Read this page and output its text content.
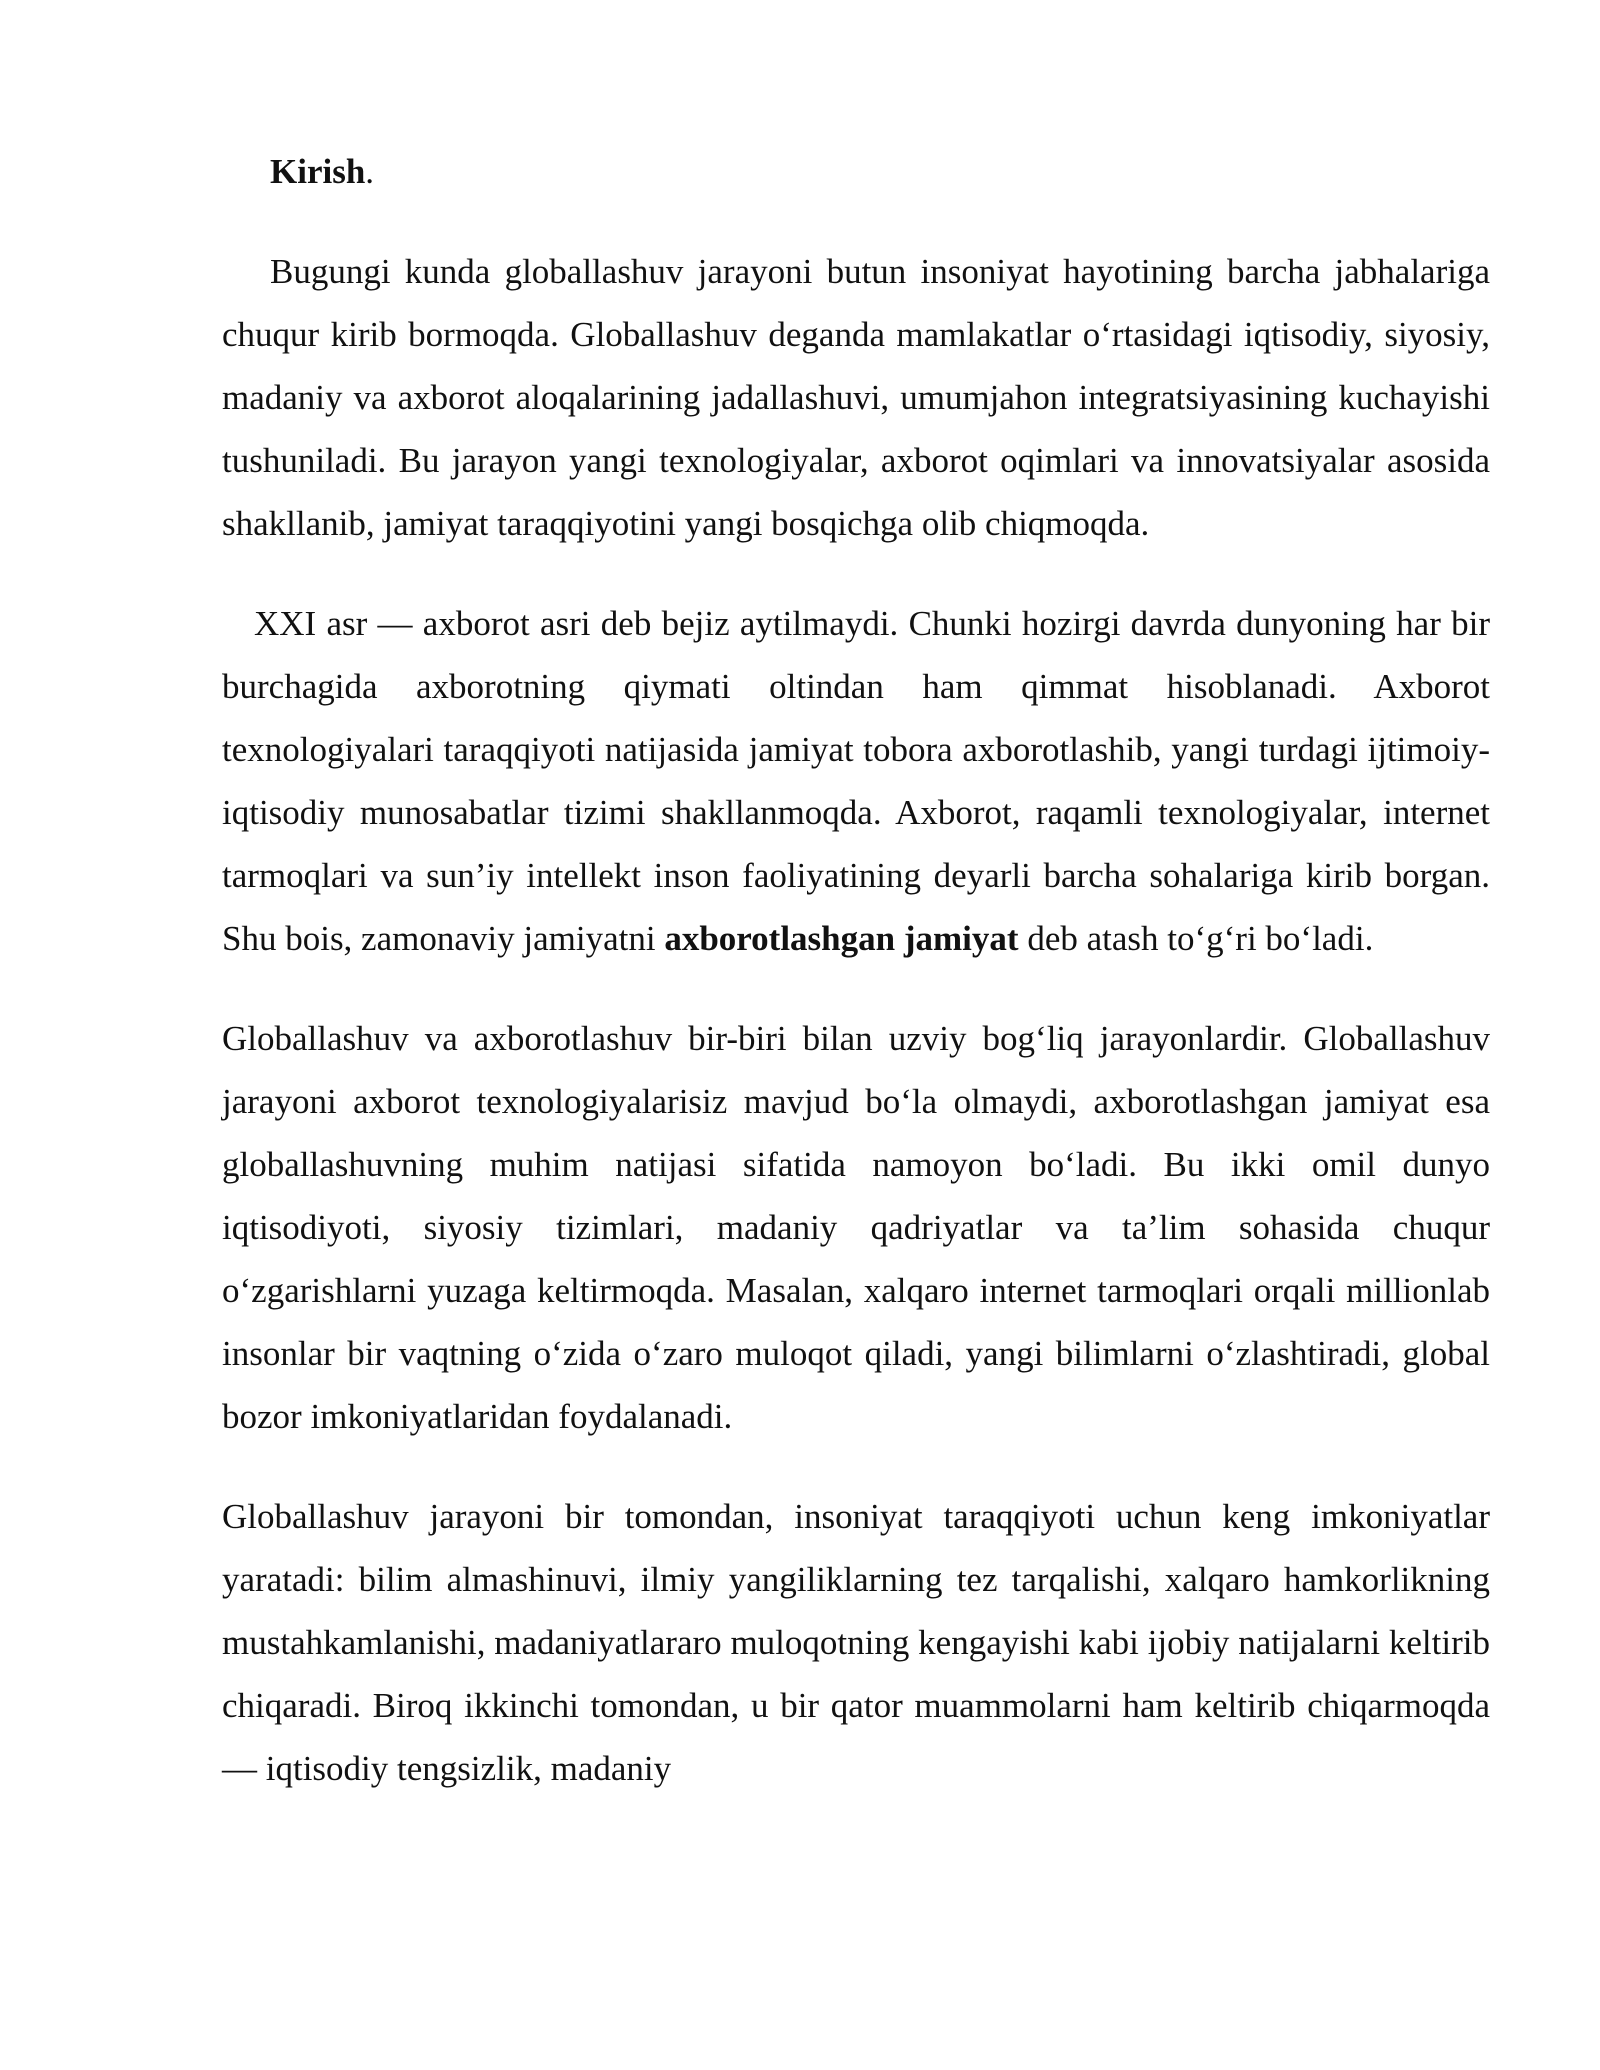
Kirish.

Bugungi kunda globallashuv jarayoni butun insoniyat hayotining barcha jabhalariga chuqur kirib bormoqda. Globallashuv deganda mamlakatlar o‘rtasidagi iqtisodiy, siyosiy, madaniy va axborot aloqalarining jadallashuvi, umumjahon integratsiyasining kuchayishi tushuniladi. Bu jarayon yangi texnologiyalar, axborot oqimlari va innovatsiyalar asosida shakllanib, jamiyat taraqqiyotini yangi bosqichga olib chiqmoqda.

XXI asr — axborot asri deb bejiz aytilmaydi. Chunki hozirgi davrda dunyoning har bir burchagida axborotning qiymati oltindan ham qimmat hisoblanadi. Axborot texnologiyalari taraqqiyoti natijasida jamiyat tobora axborotlashib, yangi turdagi ijtimoiy-iqtisodiy munosabatlar tizimi shakllanmoqda. Axborot, raqamli texnologiyalar, internet tarmoqlari va sun’iy intellekt inson faoliyatining deyarli barcha sohalariga kirib borgan. Shu bois, zamonaviy jamiyatni axborotlashgan jamiyat deb atash to‘g‘ri bo‘ladi.

Globallashuv va axborotlashuv bir-biri bilan uzviy bog‘liq jarayonlardir. Globallashuv jarayoni axborot texnologiyalarisiz mavjud bo‘la olmaydi, axborotlashgan jamiyat esa globallashuvning muhim natijasi sifatida namoyon bo‘ladi. Bu ikki omil dunyo iqtisodiyoti, siyosiy tizimlari, madaniy qadriyatlar va ta’lim sohasida chuqur o‘zgarishlarni yuzaga keltirmoqda. Masalan, xalqaro internet tarmoqlari orqali millionlab insonlar bir vaqtning o‘zida o‘zaro muloqot qiladi, yangi bilimlarni o‘zlashtiradi, global bozor imkoniyatlaridan foydalanadi.

Globallashuv jarayoni bir tomondan, insoniyat taraqqiyoti uchun keng imkoniyatlar yaratadi: bilim almashinuvi, ilmiy yangiliklarning tez tarqalishi, xalqaro hamkorlikning mustahkamlanishi, madaniyatlararo muloqotning kengayishi kabi ijobiy natijalarni keltirib chiqaradi. Biroq ikkinchi tomondan, u bir qator muammolarni ham keltirib chiqarmoqda — iqtisodiy tengsizlik, madaniy
